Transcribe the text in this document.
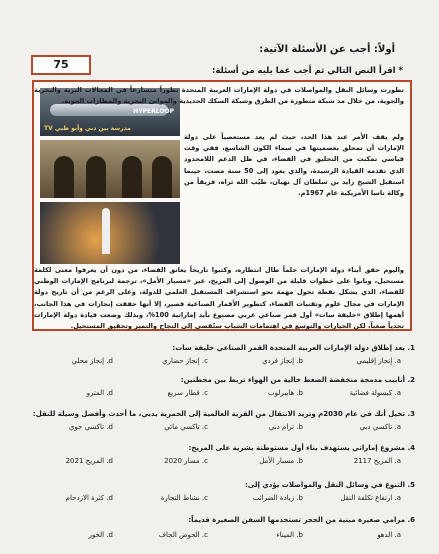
75
أولاً: أجب عن الأسئلة الآتية:
* اقرأ النص التالي ثم أجب عما يليه من أسئلة:
HYPERLOOP
مدرسة بين دبي وأبو ظبي TV
تطورت وسائل النقل والمواصلات في دولة الإمارات العربية المتحدة تطوراً متسارعاً في المجالات البرية والبحرية والجوية، من خلال مد شبكة متطورة من الطرق وشبكة السكك الحديدية والموانئ البحرية والمطارات الجوية.
ولم يقف الأمر عند هذا الحد، حيث لم يعد مستعصياً على دولة الإمارات أن تمحلق بعصميتها في سماء الكون الشاسع، ففي وقت قياسي تمكنت من التحليق في الفضاء، في ظل الدعم اللامحدود الذي تقدمه القيادة الرشيدة، والذي يعود إلى 50 سنة مضت، حينما استقبل الشيخ زايد بن سلطان آل نهيان، طيّب الله ثراه، فريقاً من وكالة ناسا الأمريكية عام 1967م.
واليوم حقق أبناء دولة الإمارات حلماً طال انتظاره، وكتبوا تاريخاً يعانق الفضاء، من دون أن يعرفوا معنى لكلمة مستحيل، وبانوا على خطوات قليلة من الوصول إلى المريخ، عبر «مسبار الأمل»، ترجمة لبرنامج الإمارات الوطني للفضاء، الذي يشكل نقطة تحول مهمة نحو استشراف المستقبل العلمي للدولة، وعلى الرغم من أن تاريخ دولة الإمارات في مجال علوم وتقنيات الفضاء، كتطوير الأقمار الصناعية قصير، إلا أنها حققت إنجازات في هذا الجانب، أهمها إطلاق «خليفة سات» أول قمر صناعي عربي مصنوع بأيد إماراتية 100%، وبذلك وضعت قيادة دولة الإمارات تحدياً صعباً، لكن الخيارات والتوسع في اهتمامات الشباب ستّقضي إلى النجاح والتميز وتحقيق المستحيل.
1. يعد إطلاق دولة الإمارات العربية المتحدة القمر الصناعي خليفة سات:
a. إنجاز إقليمي
b. إنجاز فردي
c. إنجاز حضاري
d. إنجاز محلي
2. أنابيب مدمجة منخفضة الضغط خالية من الهواء تربط بين محطتين:
a. كبسولة فضائية
b. هايبرلوب
c. قطار سريع
d. المترو
3. تخيل أنك في عام 2030م وتريد الانتقال من القرية العالمية إلى الحمرية بدبي، ما أحدث وأفضل وسيلة للنقل:
a. تاكسي دبي
b. ترام دبي
c. تاكسي مائي
d. تاكسي جوي
4. مشروع إماراتي يستهدف بناء أول مستوطنة بشرية على المريخ:
a. المريخ 2117
b. مسبار الأمل
c. مسار 2020
d. المريخ 2021
5. التنوع في وسائل النقل والمواصلات يؤدي إلى:
a. ارتفاع تكلفة النقل
b. زيادة الضرائب
c. نشاط التجارة
d. كثرة الازدحام
6. مرامي صغيرة مبنية من الحجر تستخدمها السفن الصغيرة قديماً:
a. الدهو
b. الميناء
c. الحوض الجاف
d. الخور
